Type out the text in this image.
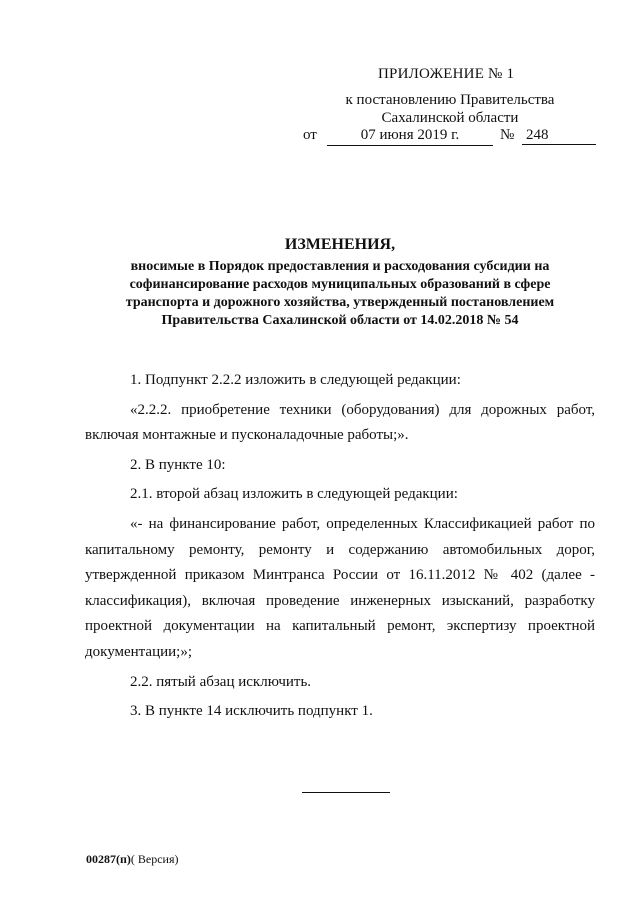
ПРИЛОЖЕНИЕ № 1
к постановлению Правительства
Сахалинской области
от	07 июня 2019 г.	№ 248
ИЗМЕНЕНИЯ,
вносимые в Порядок предоставления и расходования субсидии на
софинансирование расходов муниципальных образований в сфере
транспорта и дорожного хозяйства, утвержденный постановлением
Правительства Сахалинской области от 14.02.2018 № 54

1. Подпункт 2.2.2 изложить в следующей редакции:

«2.2.2. приобретение техники (оборудования) для дорожных работ, включая монтажные и пусконаладочные работы;».

2. В пункте 10:

2.1. второй абзац изложить в следующей редакции:

«- на финансирование работ, определенных Классификацией работ по капитальному ремонту, ремонту и содержанию автомобильных дорог, утвержденной приказом Минтранса России от 16.11.2012 № 402 (далее - классификация), включая проведение инженерных изысканий, разработку проектной документации на капитальный ремонт, экспертизу проектной документации;»;

2.2. пятый абзац исключить.

3. В пункте 14 исключить подпункт 1.

00287(п)( Версия)
